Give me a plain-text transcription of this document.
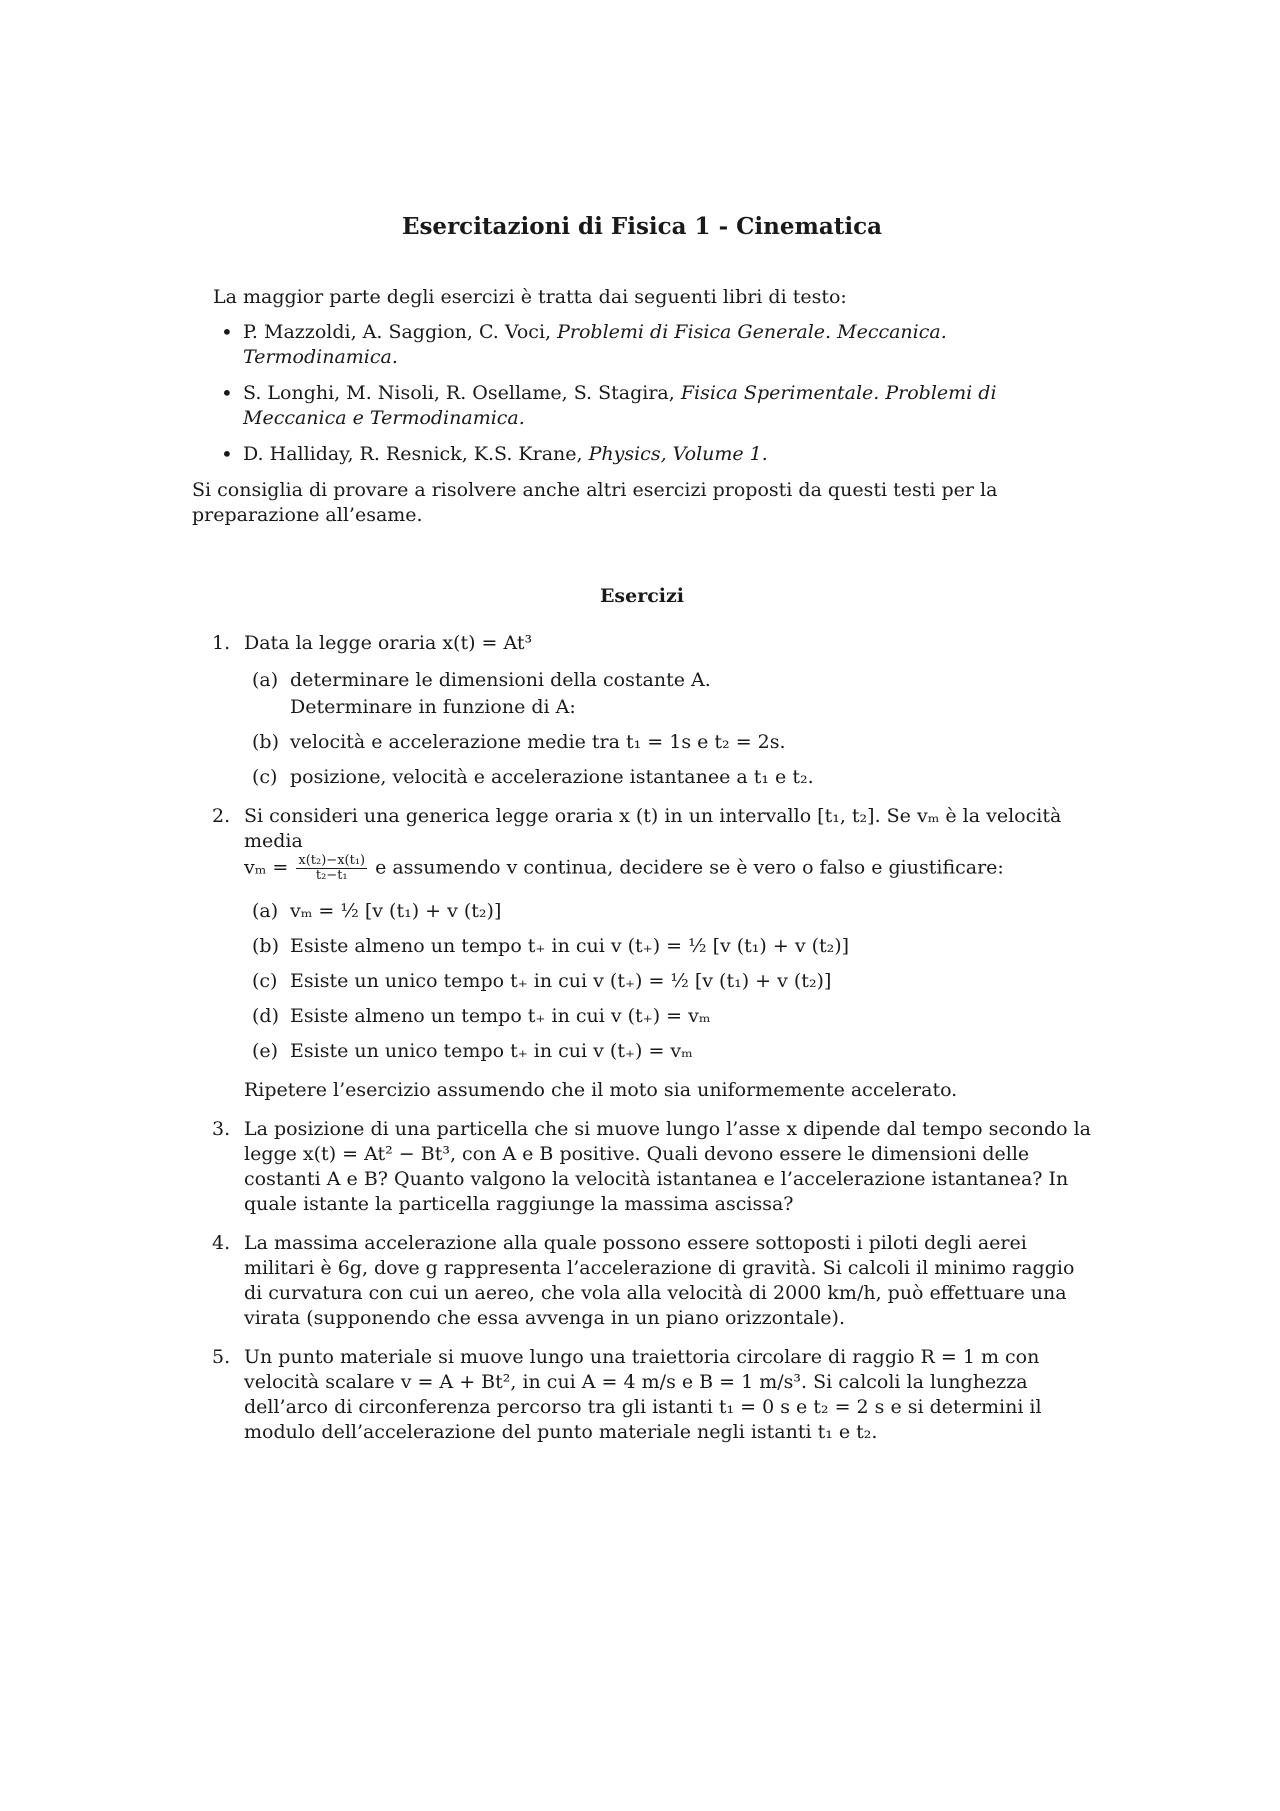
Esercitazioni di Fisica 1 - Cinematica

La maggior parte degli esercizi è tratta dai seguenti libri di testo:

• P. Mazzoldi, A. Saggion, C. Voci, Problemi di Fisica Generale. Meccanica. Termodinamica.
• S. Longhi, M. Nisoli, R. Osellame, S. Stagira, Fisica Sperimentale. Problemi di Meccanica e Termodinamica.
• D. Halliday, R. Resnick, K.S. Krane, Physics, Volume 1.

Si consiglia di provare a risolvere anche altri esercizi proposti da questi testi per la preparazione all’esame.

Esercizi
1. Data la legge oraria x(t) = At³
(a) determinare le dimensioni della costante A.
Determinare in funzione di A:
(b) velocità e accelerazione medie tra t₁ = 1s e t₂ = 2s.
(c) posizione, velocità e accelerazione istantanee a t₁ e t₂.
2. Si consideri una generica legge oraria x (t) in un intervallo [t₁, t₂]. Se vₘ è la velocità media
$v_m = \frac{\text{x(t₂)−x(t₁)}}{\text{t₂−t₁}}$ e assumendo v continua, decidere se è vero o falso e giustificare:
(a) vₘ = ½ [v (t₁) + v (t₂)]
(b) Esiste almeno un tempo t₊ in cui v (t₊) = ½ [v (t₁) + v (t₂)]
(c) Esiste un unico tempo t₊ in cui v (t₊) = ½ [v (t₁) + v (t₂)]
(d) Esiste almeno un tempo t₊ in cui v (t₊) = vₘ
(e) Esiste un unico tempo t₊ in cui v (t₊) = vₘ

Ripetere l’esercizio assumendo che il moto sia uniformemente accelerato.

3. La posizione di una particella che si muove lungo l’asse x dipende dal tempo secondo la legge x(t) = At² − Bt³, con A e B positive. Quali devono essere le dimensioni delle costanti A e B? Quanto valgono la velocità istantanea e l’accelerazione istantanea? In quale istante la particella raggiunge la massima ascissa?
4. La massima accelerazione alla quale possono essere sottoposti i piloti degli aerei militari è 6g, dove g rappresenta l’accelerazione di gravità. Si calcoli il minimo raggio di curvatura con cui un aereo, che vola alla velocità di 2000 km/h, può effettuare una virata (supponendo che essa avvenga in un piano orizzontale).
5. Un punto materiale si muove lungo una traiettoria circolare di raggio R = 1 m con velocità scalare v = A + Bt², in cui A = 4 m/s e B = 1 m/s³. Si calcoli la lunghezza dell’arco di circonferenza percorso tra gli istanti t₁ = 0 s e t₂ = 2 s e si determini il modulo dell’accelerazione del punto materiale negli istanti t₁ e t₂.
